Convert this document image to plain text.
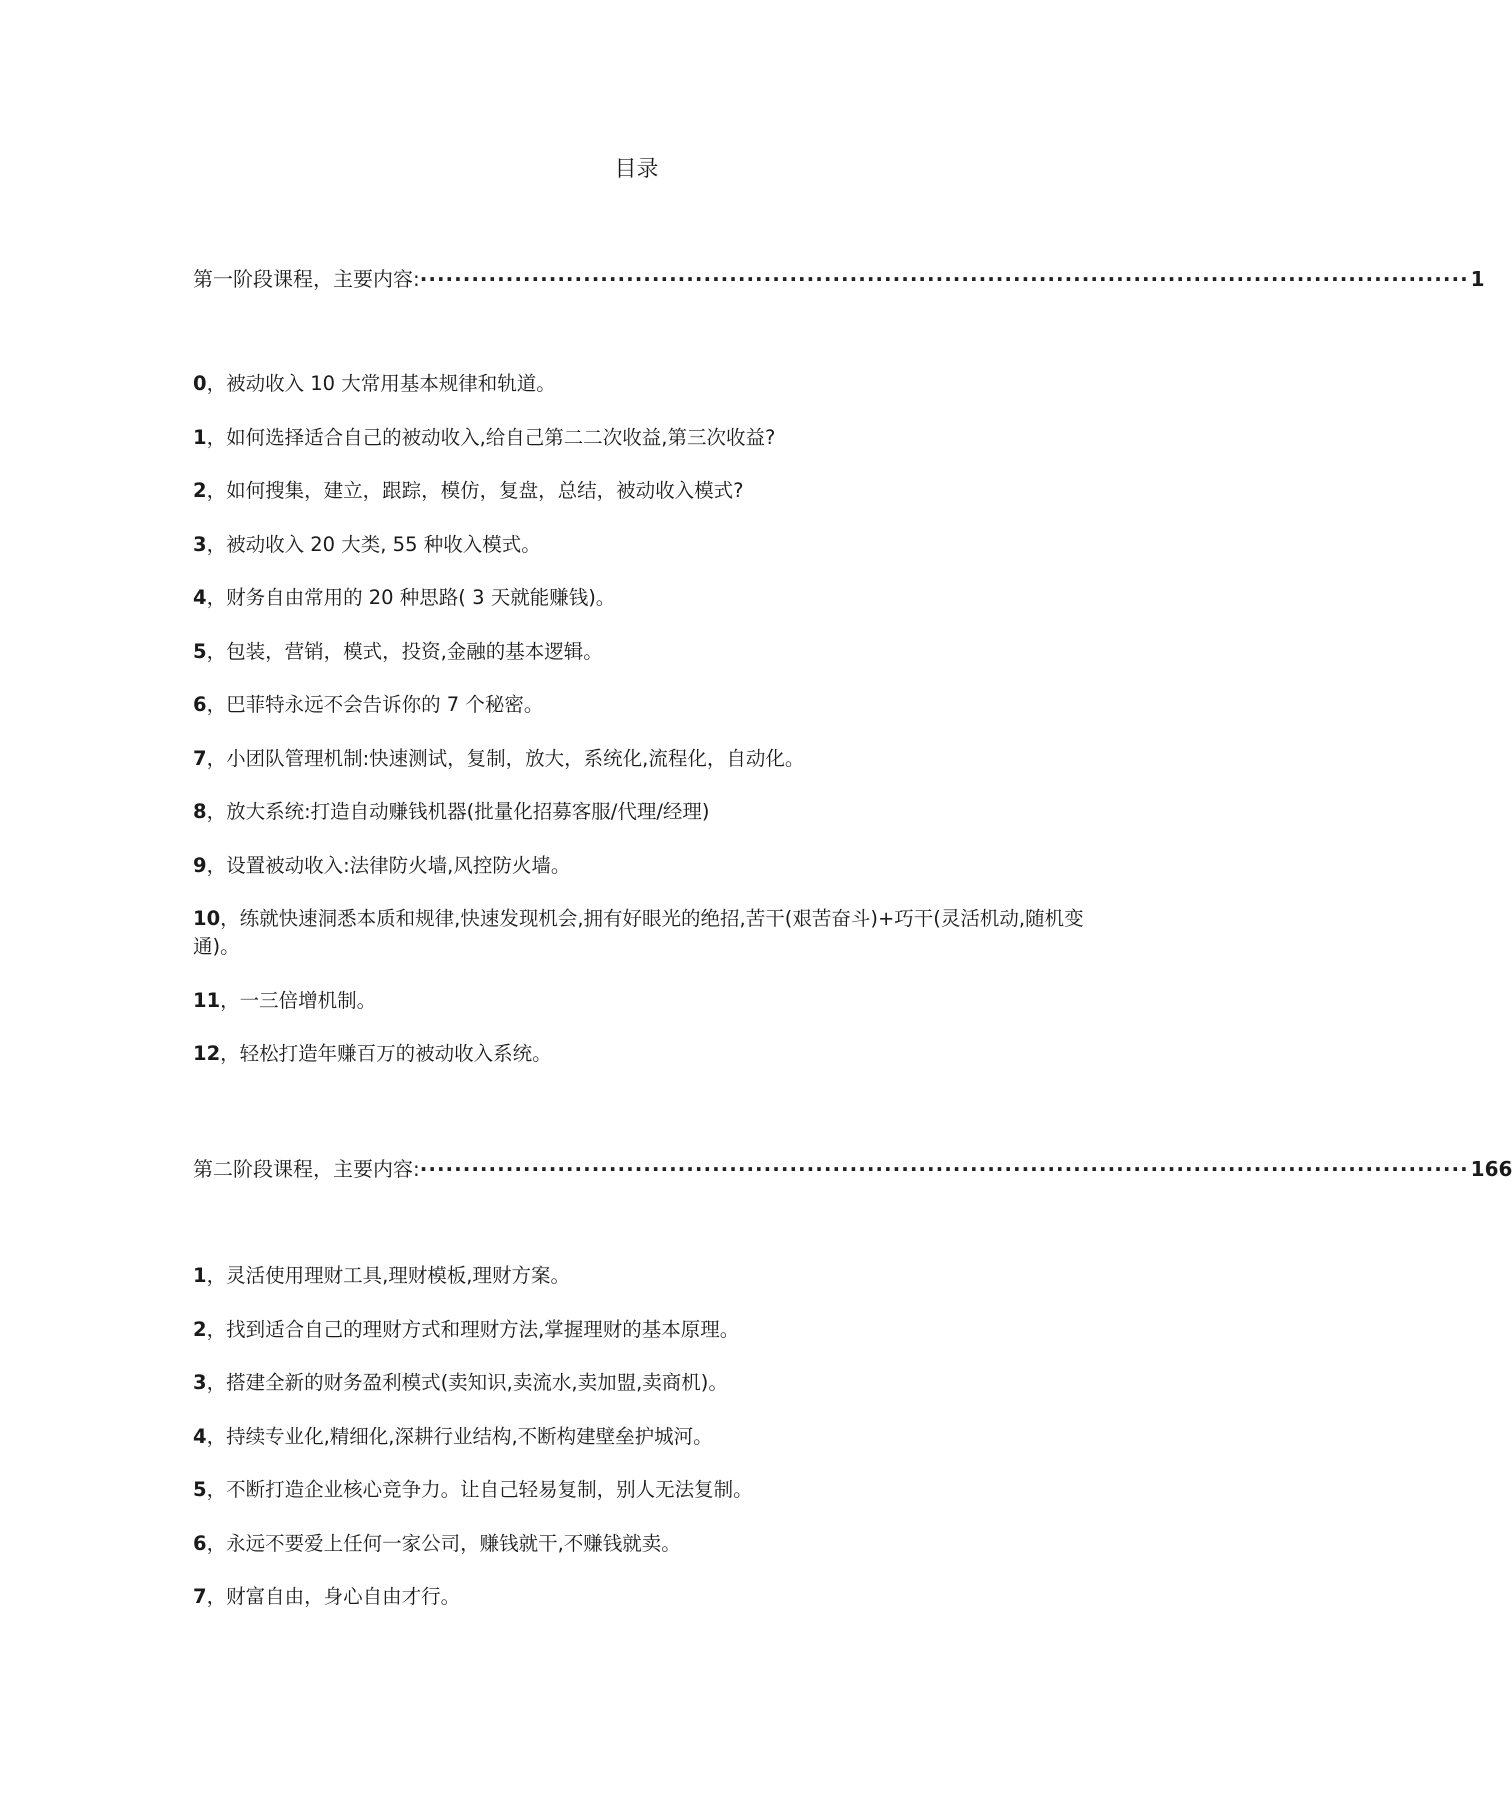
目录
第一阶段课程，主要内容: ·························································································································· 1
0，被动收入 10 大常用基本规律和轨道。
1，如何选择适合自己的被动收入,给自己第二二次收益,第三次收益?
2，如何搜集，建立，跟踪，模仿，复盘，总结，被动收入模式?
3，被动收入 20 大类, 55 种收入模式。
4，财务自由常用的 20 种思路( 3 天就能赚钱)。
5，包装，营销，模式，投资,金融的基本逻辑。
6，巴菲特永远不会告诉你的 7 个秘密。
7，小团队管理机制:快速测试，复制，放大，系统化,流程化，自动化。
8，放大系统:打造自动赚钱机器(批量化招募客服/代理/经理)
9，设置被动收入:法律防火墙,风控防火墙。
10，练就快速洞悉本质和规律,快速发现机会,拥有好眼光的绝招,苦干(艰苦奋斗)+巧干(灵活机动,随机变通)。
11，一三倍增机制。
12，轻松打造年赚百万的被动收入系统。
第二阶段课程，主要内容: ·························································································································· 166
1，灵活使用理财工具,理财模板,理财方案。
2，找到适合自己的理财方式和理财方法,掌握理财的基本原理。
3，搭建全新的财务盈利模式(卖知识,卖流水,卖加盟,卖商机)。
4，持续专业化,精细化,深耕行业结构,不断构建壁垒护城河。
5，不断打造企业核心竞争力。让自己轻易复制，别人无法复制。
6，永远不要爱上任何一家公司，赚钱就干,不赚钱就卖。
7，财富自由，身心自由才行。
